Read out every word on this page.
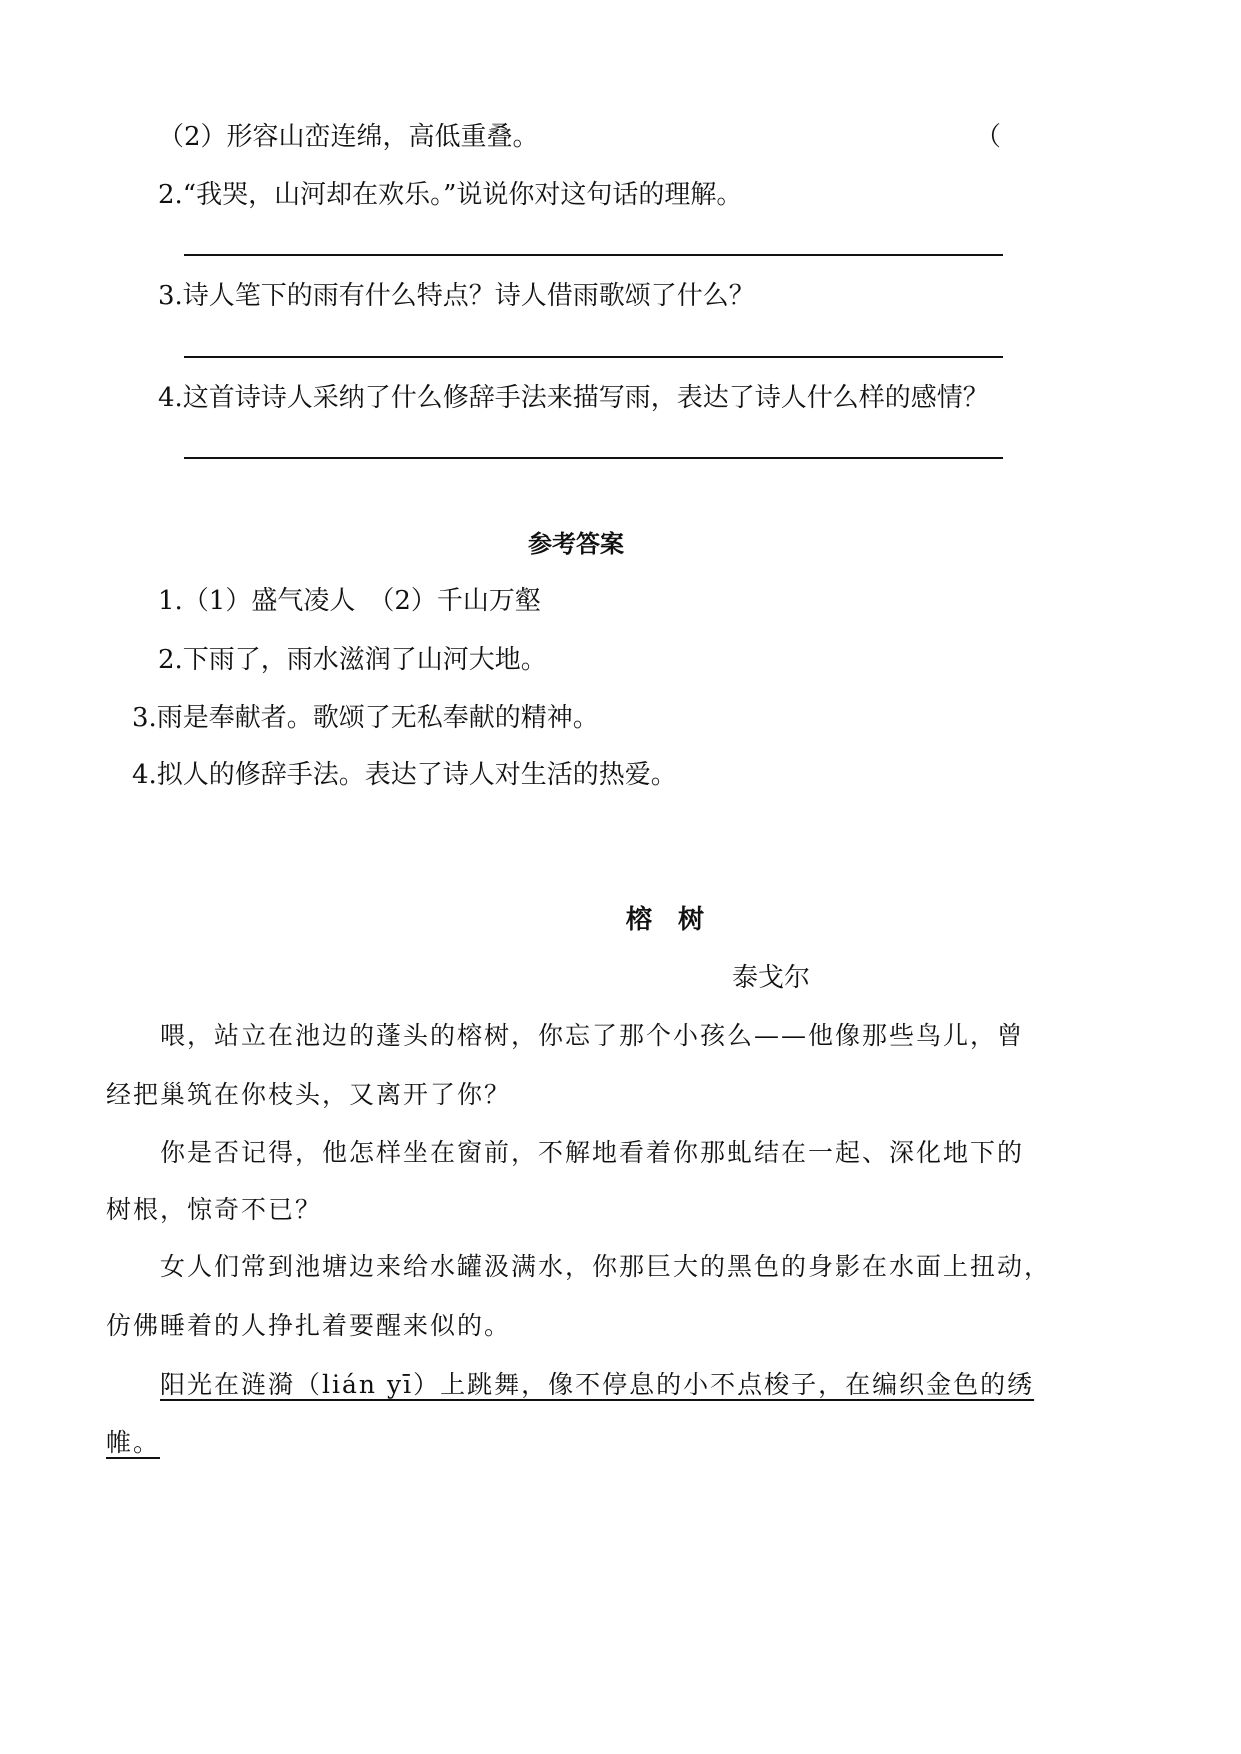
（2）形容山峦连绵，高低重叠。	（
2.“我哭，山河却在欢乐。”说说你对这句话的理解。
3.诗人笔下的雨有什么特点？诗人借雨歌颂了什么？
4.这首诗诗人采纳了什么修辞手法来描写雨，表达了诗人什么样的感情？
参考答案
1.（1）盛气凌人　（2）千山万壑
2.下雨了，雨水滋润了山河大地。
3.雨是奉献者。歌颂了无私奉献的精神。
4.拟人的修辞手法。表达了诗人对生活的热爱。
榕　树
泰戈尔
喂，站立在池边的蓬头的榕树，你忘了那个小孩么——他像那些鸟儿，曾
经把巢筑在你枝头，又离开了你？
你是否记得，他怎样坐在窗前，不解地看着你那虬结在一起、深化地下的
树根，惊奇不已？
女人们常到池塘边来给水罐汲满水，你那巨大的黑色的身影在水面上扭动，
仿佛睡着的人挣扎着要醒来似的。
阳光在涟漪（lián yī）上跳舞，像不停息的小不点梭子，在编织金色的绣
帷。
